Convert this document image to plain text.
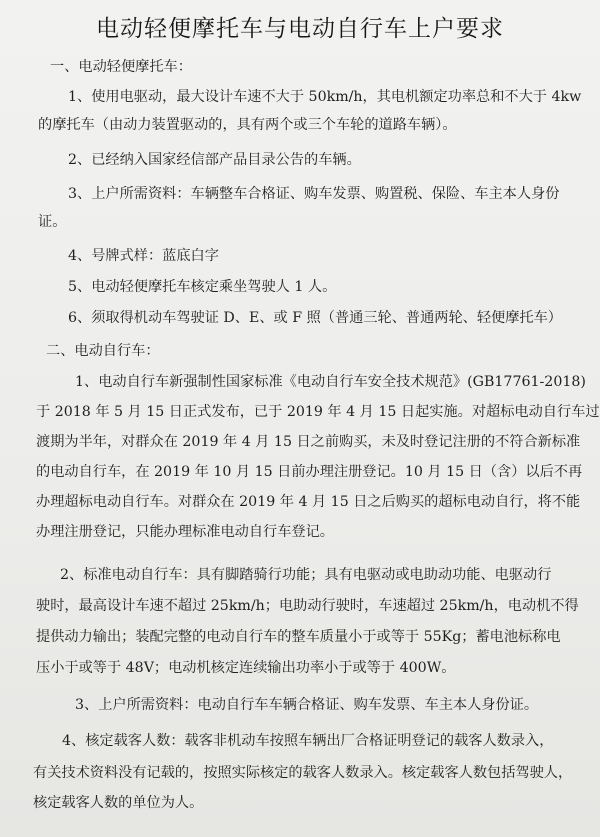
电动轻便摩托车与电动自行车上户要求
一、电动轻便摩托车：
1、使用电驱动，最大设计车速不大于 50km/h，其电机额定功率总和不大于 4kw
的摩托车（由动力装置驱动的，具有两个或三个车轮的道路车辆）。
2、已经纳入国家经信部产品目录公告的车辆。
3、上户所需资料：车辆整车合格证、购车发票、购置税、保险、车主本人身份
证。
4、号牌式样：蓝底白字
5、电动轻便摩托车核定乘坐驾驶人 1 人。
6、须取得机动车驾驶证 D、E、或 F 照（普通三轮、普通两轮、轻便摩托车）
二、电动自行车：
1、电动自行车新强制性国家标准《电动自行车安全技术规范》(GB17761-2018)
于 2018 年 5 月 15 日正式发布，已于 2019 年 4 月 15 日起实施。对超标电动自行车过
渡期为半年，对群众在 2019 年 4 月 15 日之前购买，未及时登记注册的不符合新标准
的电动自行车，在 2019 年 10 月 15 日前办理注册登记。10 月 15 日（含）以后不再
办理超标电动自行车。对群众在 2019 年 4 月 15 日之后购买的超标电动自行，将不能
办理注册登记，只能办理标准电动自行车登记。
2、标准电动自行车：具有脚踏骑行功能；具有电驱动或电助动功能、电驱动行
驶时，最高设计车速不超过 25km/h；电助动行驶时，车速超过 25km/h，电动机不得
提供动力输出；装配完整的电动自行车的整车质量小于或等于 55Kg；蓄电池标称电
压小于或等于 48V；电动机核定连续输出功率小于或等于 400W。
3、上户所需资料：电动自行车车辆合格证、购车发票、车主本人身份证。
4、核定载客人数：载客非机动车按照车辆出厂合格证明登记的载客人数录入，
有关技术资料没有记载的，按照实际核定的载客人数录入。核定载客人数包括驾驶人，
核定载客人数的单位为人。
